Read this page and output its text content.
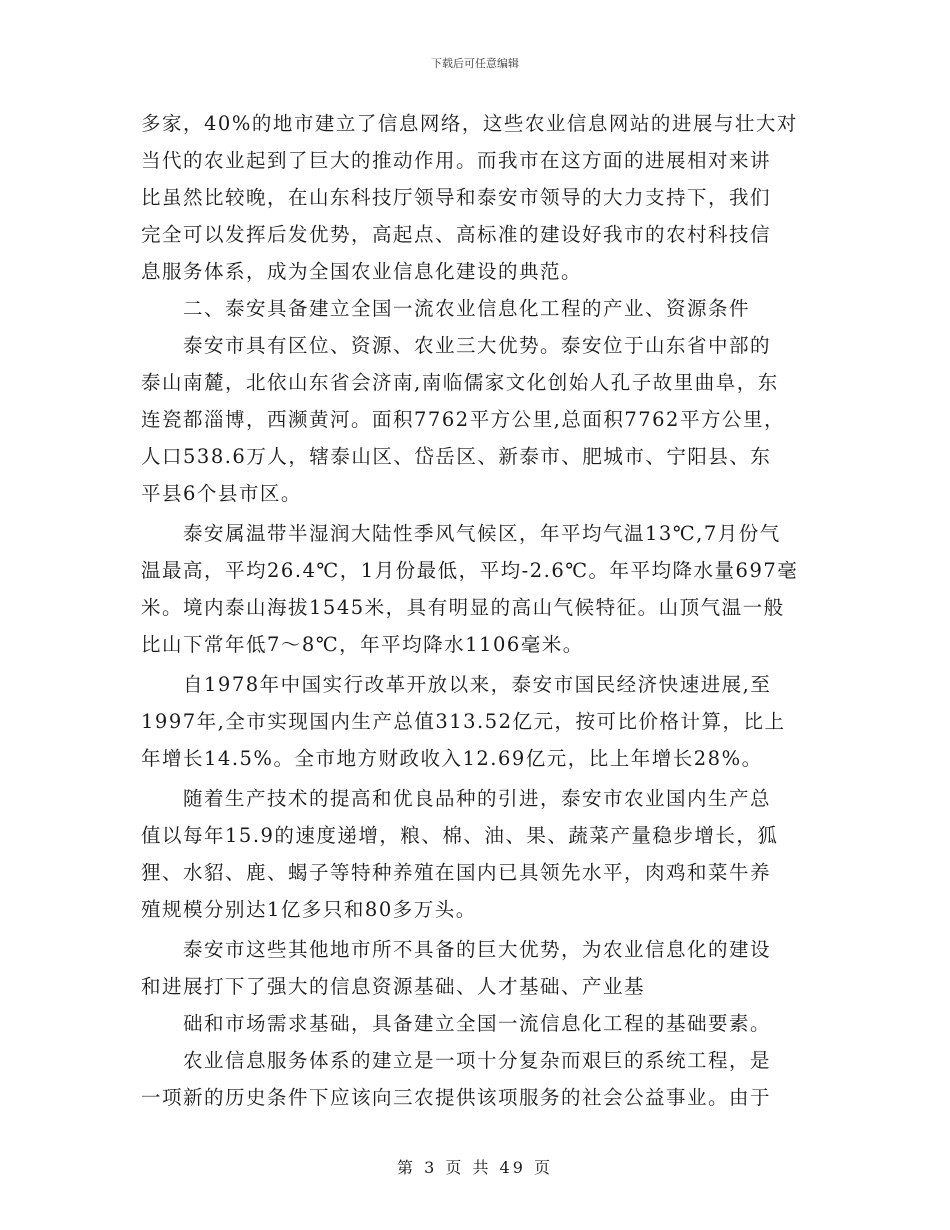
下载后可任意编辑
多家，40%的地市建立了信息网络，这些农业信息网站的进展与壮大对
当代的农业起到了巨大的推动作用。而我市在这方面的进展相对来讲
比虽然比较晚，在山东科技厅领导和泰安市领导的大力支持下，我们
完全可以发挥后发优势，高起点、高标准的建设好我市的农村科技信
息服务体系，成为全国农业信息化建设的典范。
　　二、泰安具备建立全国一流农业信息化工程的产业、资源条件
　　泰安市具有区位、资源、农业三大优势。泰安位于山东省中部的
泰山南麓，北依山东省会济南,南临儒家文化创始人孔子故里曲阜，东
连瓷都淄博，西濒黄河。面积7762平方公里,总面积7762平方公里，
人口538.6万人，辖泰山区、岱岳区、新泰市、肥城市、宁阳县、东
平县6个县市区。
　　泰安属温带半湿润大陆性季风气候区，年平均气温13℃,7月份气
温最高，平均26.4℃，1月份最低，平均-2.6℃。年平均降水量697毫
米。境内泰山海拔1545米，具有明显的高山气候特征。山顶气温一般
比山下常年低7～8℃，年平均降水1106毫米。
　　自1978年中国实行改革开放以来，泰安市国民经济快速进展,至
1997年,全市实现国内生产总值313.52亿元，按可比价格计算，比上
年增长14.5%。全市地方财政收入12.69亿元，比上年增长28%。
　　随着生产技术的提高和优良品种的引进，泰安市农业国内生产总
值以每年15.9的速度递增，粮、棉、油、果、蔬菜产量稳步增长，狐
狸、水貂、鹿、蝎子等特种养殖在国内已具领先水平，肉鸡和菜牛养
殖规模分别达1亿多只和80多万头。
　　泰安市这些其他地市所不具备的巨大优势，为农业信息化的建设
和进展打下了强大的信息资源基础、人才基础、产业基
　　础和市场需求基础，具备建立全国一流信息化工程的基础要素。
　　农业信息服务体系的建立是一项十分复杂而艰巨的系统工程，是
一项新的历史条件下应该向三农提供该项服务的社会公益事业。由于
第 3 页 共 49 页
